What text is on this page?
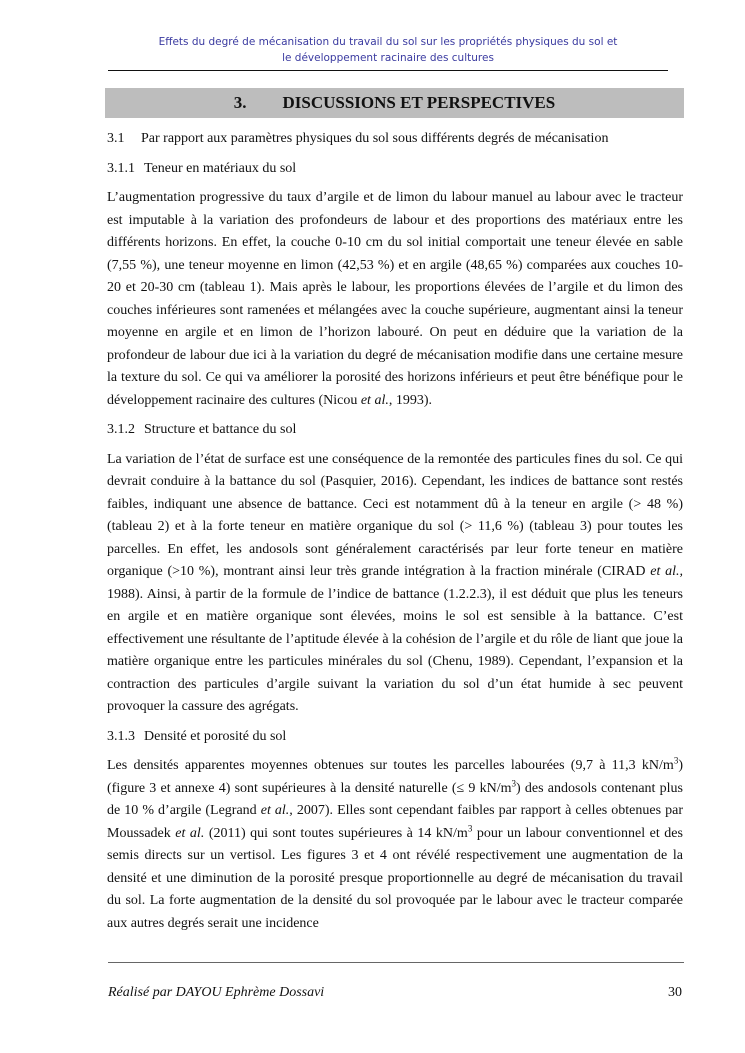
Effets du degré de mécanisation du travail du sol sur les propriétés physiques du sol et
le développement racinaire des cultures
3. DISCUSSIONS ET PERSPECTIVES
3.1 Par rapport aux paramètres physiques du sol sous différents degrés de mécanisation
3.1.1 Teneur en matériaux du sol

L’augmentation progressive du taux d’argile et de limon du labour manuel au labour avec le tracteur est imputable à la variation des profondeurs de labour et des proportions des matériaux entre les différents horizons. En effet, la couche 0-10 cm du sol initial comportait une teneur élevée en sable (7,55 %), une teneur moyenne en limon (42,53 %) et en argile (48,65 %) comparées aux couches 10-20 et 20-30 cm (tableau 1). Mais après le labour, les proportions élevées de l’argile et du limon des couches inférieures sont ramenées et mélangées avec la couche supérieure, augmentant ainsi la teneur moyenne en argile et en limon de l’horizon labouré. On peut en déduire que la variation de la profondeur de labour due ici à la variation du degré de mécanisation modifie dans une certaine mesure la texture du sol. Ce qui va améliorer la porosité des horizons inférieurs et peut être bénéfique pour le développement racinaire des cultures (Nicou et al., 1993).

3.1.2 Structure et battance du sol

La variation de l’état de surface est une conséquence de la remontée des particules fines du sol. Ce qui devrait conduire à la battance du sol (Pasquier, 2016). Cependant, les indices de battance sont restés faibles, indiquant une absence de battance. Ceci est notamment dû à la teneur en argile (> 48 %) (tableau 2) et à la forte teneur en matière organique du sol (> 11,6 %) (tableau 3) pour toutes les parcelles. En effet, les andosols sont généralement caractérisés par leur forte teneur en matière organique (>10 %), montrant ainsi leur très grande intégration à la fraction minérale (CIRAD et al., 1988). Ainsi, à partir de la formule de l’indice de battance (1.2.2.3), il est déduit que plus les teneurs en argile et en matière organique sont élevées, moins le sol est sensible à la battance. C’est effectivement une résultante de l’aptitude élevée à la cohésion de l’argile et du rôle de liant que joue la matière organique entre les particules minérales du sol (Chenu, 1989). Cependant, l’expansion et la contraction des particules d’argile suivant la variation du sol d’un état humide à sec peuvent provoquer la cassure des agrégats.

3.1.3 Densité et porosité du sol

Les densités apparentes moyennes obtenues sur toutes les parcelles labourées (9,7 à 11,3 $kN/m^3$) (figure 3 et annexe 4) sont supérieures à la densité naturelle (≤ 9 $kN/m^3$) des andosols contenant plus de 10 % d’argile (Legrand et al., 2007). Elles sont cependant faibles par rapport à celles obtenues par Moussadek et al. (2011) qui sont toutes supérieures à 14 $kN/m^3$ pour un labour conventionnel et des semis directs sur un vertisol. Les figures 3 et 4 ont révélé respectivement une augmentation de la densité et une diminution de la porosité presque proportionnelle au degré de mécanisation du travail du sol. La forte augmentation de la densité du sol provoquée par le labour avec le tracteur comparée aux autres degrés serait une incidence

Réalisé par DAYOU Ephrème Dossavi	30
